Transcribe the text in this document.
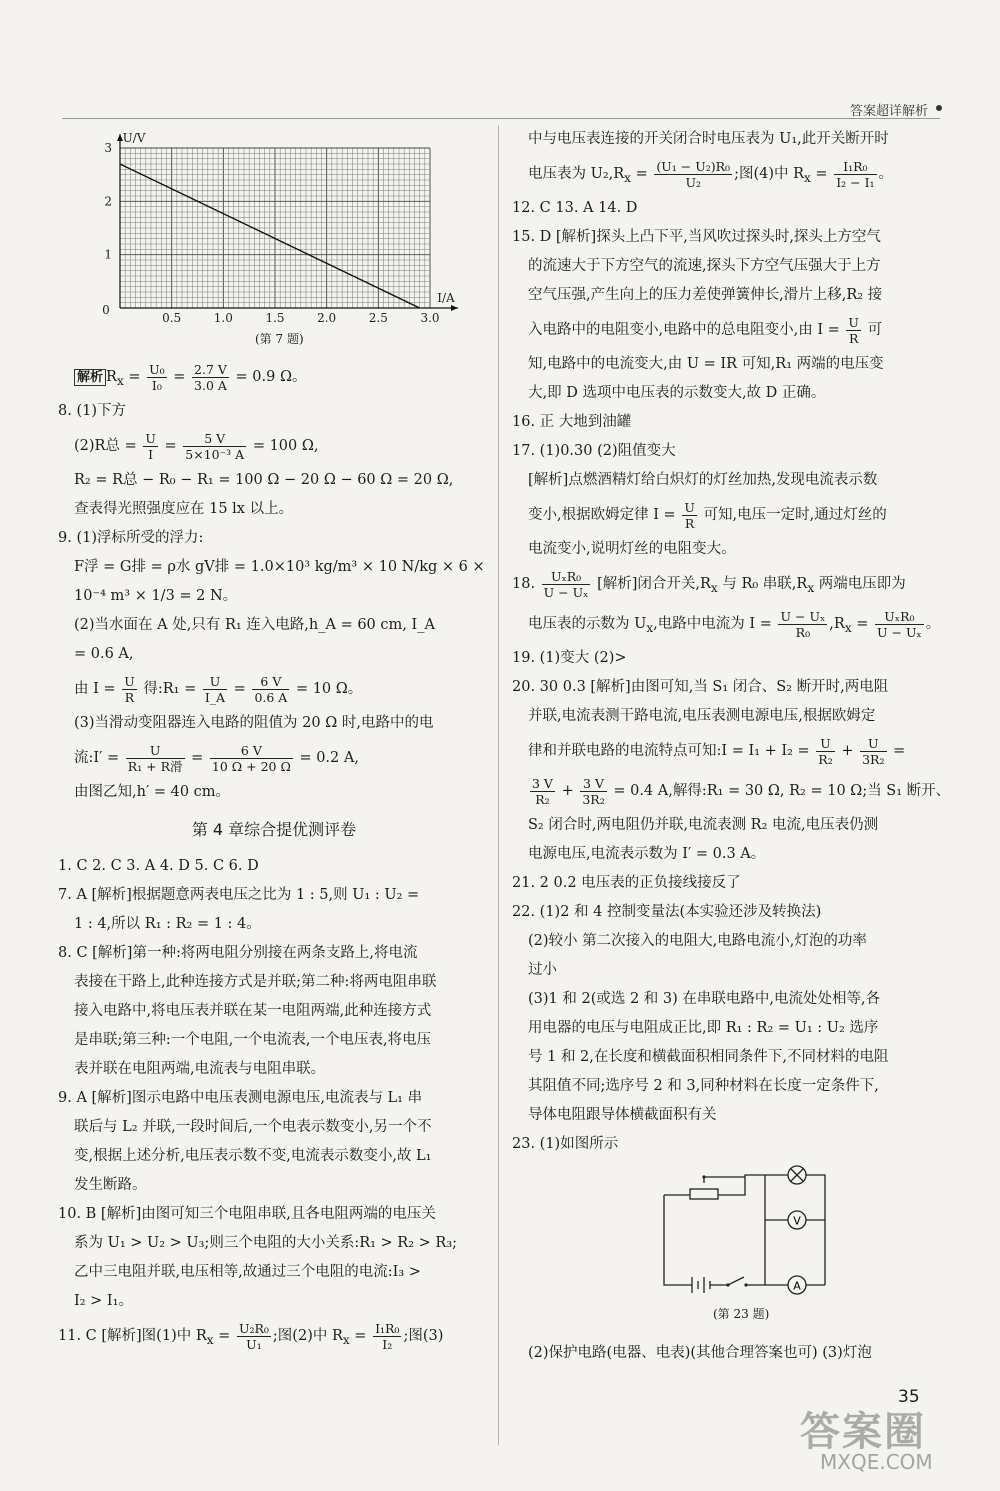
答案超详解析
0.5	1.0	1.5	2.0	2.5	3.0
3
2
1
0
U/V
I/A
(第 7 题)
解析 $R_x = \frac{\text{U₀}}{\text{I₀}} = \frac{2.7 V}{3.0 A} = 0.9$ Ω。
8. (1)下方
(2)R总 = $\frac{U}{I} = \frac{5 V}{\text{5×10⁻³ A}} = 100$ Ω,
R₂ = R总 − R₀ − R₁ = 100 Ω − 20 Ω − 60 Ω = 20 Ω,
查表得光照强度应在 15 lx 以上。
9. (1)浮标所受的浮力:
F浮 = G排 = ρ水 gV排 = 1.0×10³ kg/m³ × 10 N/kg × 6 ×
10⁻⁴ m³ × 1/3 = 2 N。
(2)当水面在 A 处,只有 R₁ 连入电路,h_A = 60 cm, I_A
= 0.6 A,
由 $I = \frac{U}{R}$ 得:R₁ = $\frac{U}{I\_A} = \frac{6 V}{0.6 A} = 10$ Ω。
(3)当滑动变阻器连入电路的阻值为 20 Ω 时,电路中的电
流:I′ = $\frac{U}{\text{R₁ + R滑}} = \frac{6 V}{10 \Omega + 20 \Omega} = 0.2$ A,
由图乙知,h′ = 40 cm。
第 4 章综合提优测评卷
1. C 2. C 3. A 4. D 5. C 6. D
7. A [解析]根据题意两表电压之比为 1 : 5,则 U₁ : U₂ =
1 : 4,所以 R₁ : R₂ = 1 : 4。
8. C [解析]第一种:将两电阻分别接在两条支路上,将电流
表接在干路上,此种连接方式是并联;第二种:将两电阻串联
接入电路中,将电压表并联在某一电阻两端,此种连接方式
是串联;第三种:一个电阻,一个电流表,一个电压表,将电压
表并联在电阻两端,电流表与电阻串联。
9. A [解析]图示电路中电压表测电源电压,电流表与 L₁ 串
联后与 L₂ 并联,一段时间后,一个电表示数变小,另一个不
变,根据上述分析,电压表示数不变,电流表示数变小,故 L₁
发生断路。
10. B [解析]由图可知三个电阻串联,且各电阻两端的电压关
系为 U₁ > U₂ > U₃;则三个电阻的大小关系:R₁ > R₂ > R₃;
乙中三电阻并联,电压相等,故通过三个电阻的电流:I₃ >
I₂ > I₁。
11. C [解析]图(1)中 $R_x = \frac{\text{U₂R₀}}{\text{U₁}}$ ;图(2)中 $R_x = \frac{\text{I₁R₀}}{\text{I₂}}$ ;图(3)
中与电压表连接的开关闭合时电压表为 U₁,此开关断开时
电压表为 $U_2,R_x = \frac{\text{(U₁ − U₂)R₀}}{\text{U₂}}$ ;图(4)中 $R_x = \frac{\text{I₁R₀}}{\text{I₂ − I₁}}$ 。
12. C 13. A 14. D
15. D [解析]探头上凸下平,当风吹过探头时,探头上方空气
的流速大于下方空气的流速,探头下方空气压强大于上方
空气压强,产生向上的压力差使弹簧伸长,滑片上移,R₂ 接
入电路中的电阻变小,电路中的总电阻变小,由 $I = \frac{U}{R}$ 可
知,电路中的电流变大,由 U = IR 可知,R₁ 两端的电压变
大,即 D 选项中电压表的示数变大,故 D 正确。
16. 正 大地到油罐
17. (1)0.30 (2)阻值变大
[解析]点燃酒精灯给白炽灯的灯丝加热,发现电流表示数
变小,根据欧姆定律 $I = \frac{U}{R}$ 可知,电压一定时,通过灯丝的
电流变小,说明灯丝的电阻变大。
18. $\frac{\text{UₓR₀}}{\text{U − Uₓ}}$ [解析]闭合开关$,R_x$ 与 R₀ 串联$,R_x$ 两端电压即为
电压表的示数为 $U_x$,电路中电流为 $I = \frac{\text{U − Uₓ}}{\text{R₀}} ,R_x = \frac{\text{UₓR₀}}{\text{U − Uₓ}}$ 。
19. (1)变大 (2)>
20. 30 0.3 [解析]由图可知,当 S₁ 闭合、S₂ 断开时,两电阻
并联,电流表测干路电流,电压表测电源电压,根据欧姆定
律和并联电路的电流特点可知:I = $I_1 + I_2 = \frac{U}{\text{R₂}} + \frac{U}{\text{3R₂}}$ =
$\frac{3 V}{\text{R₂}} + \frac{3 V}{\text{3R₂}} = 0.4$ A,解得:R₁ = 30 Ω, R₂ = 10 Ω;当 S₁ 断开、
S₂ 闭合时,两电阻仍并联,电流表测 R₂ 电流,电压表仍测
电源电压,电流表示数为 I′ = 0.3 A。
21. 2 0.2 电压表的正负接线接反了
22. (1)2 和 4 控制变量法(本实验还涉及转换法)
(2)较小 第二次接入的电阻大,电路电流小,灯泡的功率
过小
(3)1 和 2(或选 2 和 3) 在串联电路中,电流处处相等,各
用电器的电压与电阻成正比,即 R₁ : R₂ = U₁ : U₂ 选序
号 1 和 2,在长度和横截面积相同条件下,不同材料的电阻
其阻值不同;选序号 2 和 3,同种材料在长度一定条件下,
导体电阻跟导体横截面积有关
23. (1)如图所示
(2)保护电路(电器、电表)(其他合理答案也可) (3)灯泡
V
A
(第 23 题)
35
答案圈
MXQE.COM
